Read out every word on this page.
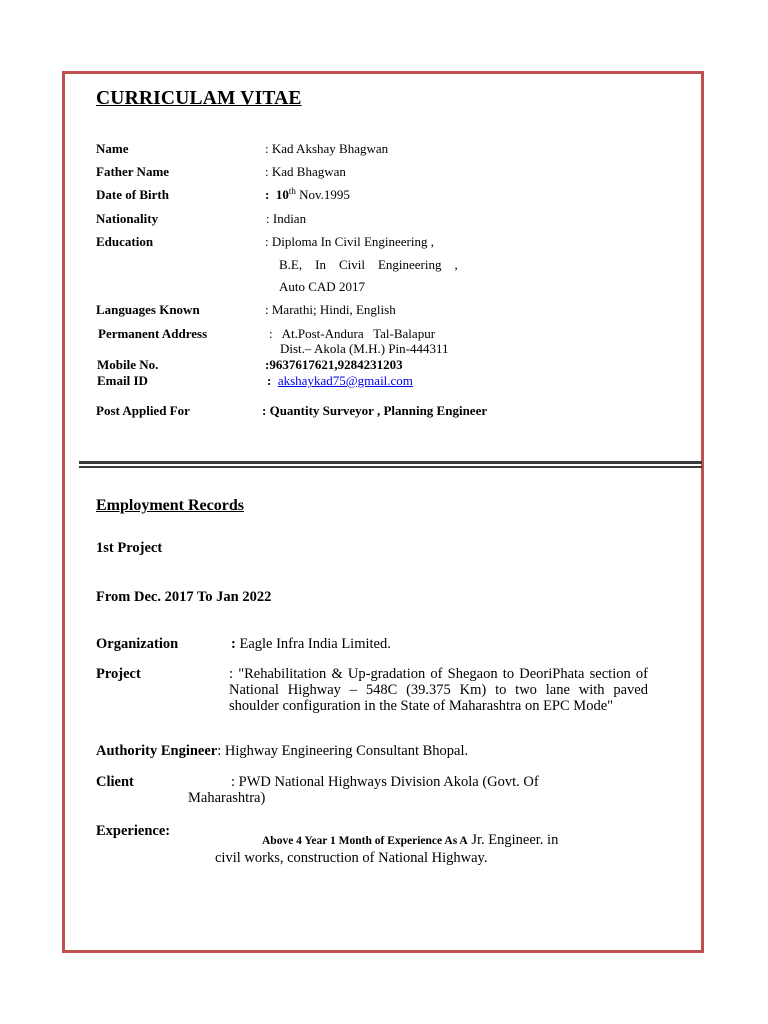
CURRICULAM VITAE
Name	: Kad Akshay Bhagwan
Father Name	: Kad Bhagwan
Date of Birth	: 10th Nov.1995
Nationality	: Indian
Education	: Diploma In Civil Engineering ,
B.E,    In    Civil    Engineering    ,
Auto CAD 2017
Languages Known	: Marathi; Hindi, English
Permanent Address	:   At.Post-Andura   Tal-Balapur
Dist.– Akola (M.H.) Pin-444311
Mobile No.	:9637617621,9284231203
Email ID	: akshaykad75@gmail.com
Post Applied For	: Quantity Surveyor , Planning Engineer
Employment Records
1st Project
From Dec. 2017 To Jan 2022
Organization	: Eagle Infra India Limited.
Project	: "Rehabilitation & Up-gradation of Shegaon to DeoriPhata section of National Highway – 548C (39.375 Km) to two lane with paved shoulder configuration in the State of Maharashtra on EPC Mode"
Authority Engineer: Highway Engineering Consultant Bhopal.
Client	: PWD National Highways Division Akola (Govt. Of
Maharashtra)
Experience:
Above 4 Year 1 Month of Experience As A Jr. Engineer. in
civil works, construction of National Highway.
